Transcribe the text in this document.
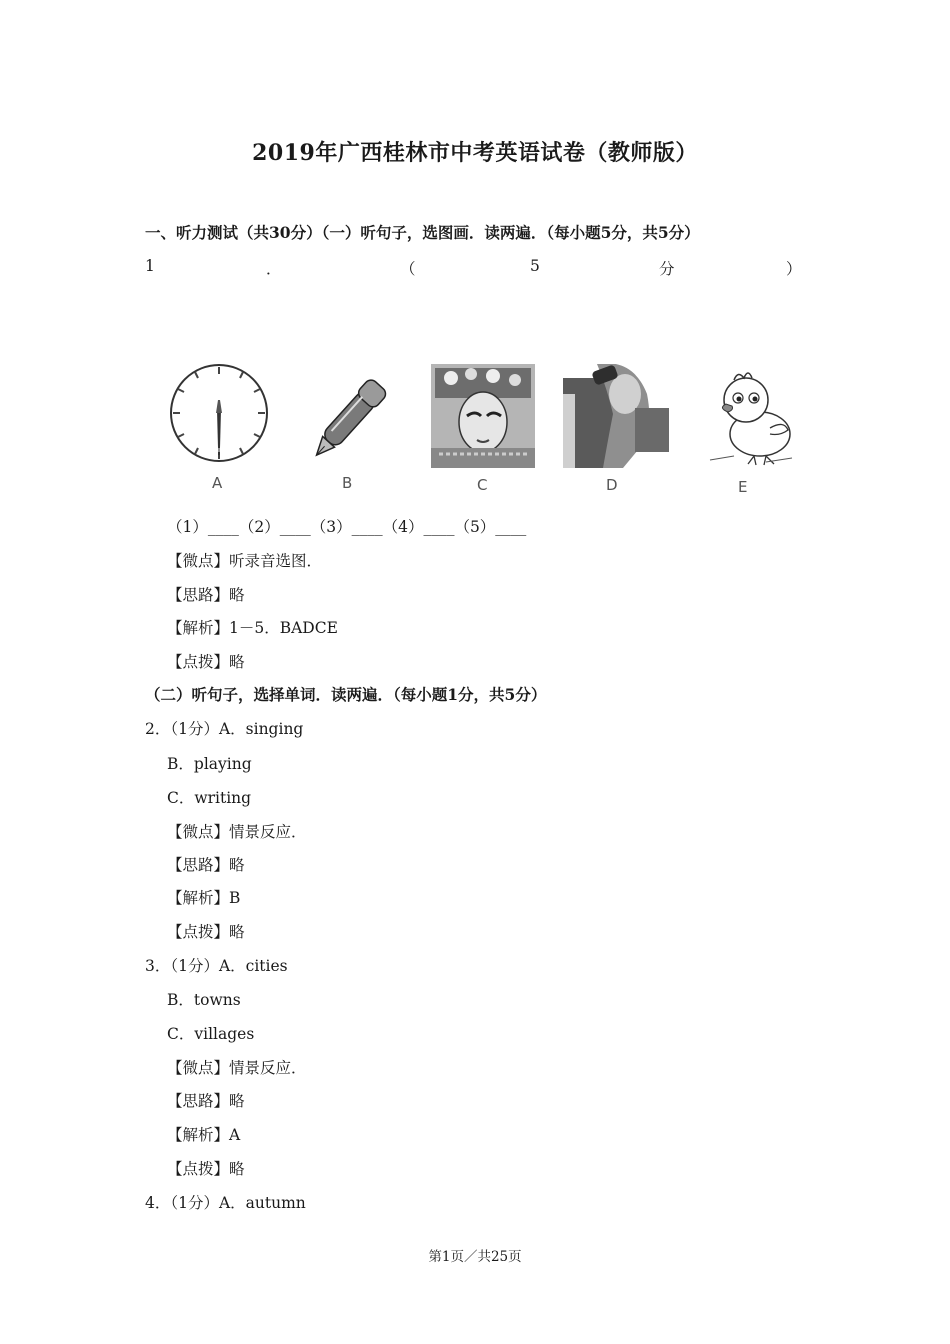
2019年广西桂林市中考英语试卷（教师版）
一、听力测试（共30分）（一）听句子，选图画．读两遍．（每小题5分，共5分）
1	．	（	5	分	）
A	B	C	D	E
（1）____（2）____（3）____（4）____（5）____
【微点】听录音选图．
【思路】略
【解析】1－5．BADCE
【点拨】略
（二）听句子，选择单词．读两遍．（每小题1分，共5分）
2．（1分）A．singing
B．playing
C．writing
【微点】情景反应．
【思路】略
【解析】B
【点拨】略
3．（1分）A．cities
B．towns
C．villages
【微点】情景反应．
【思路】略
【解析】A
【点拨】略
4．（1分）A．autumn
第1页／共25页
